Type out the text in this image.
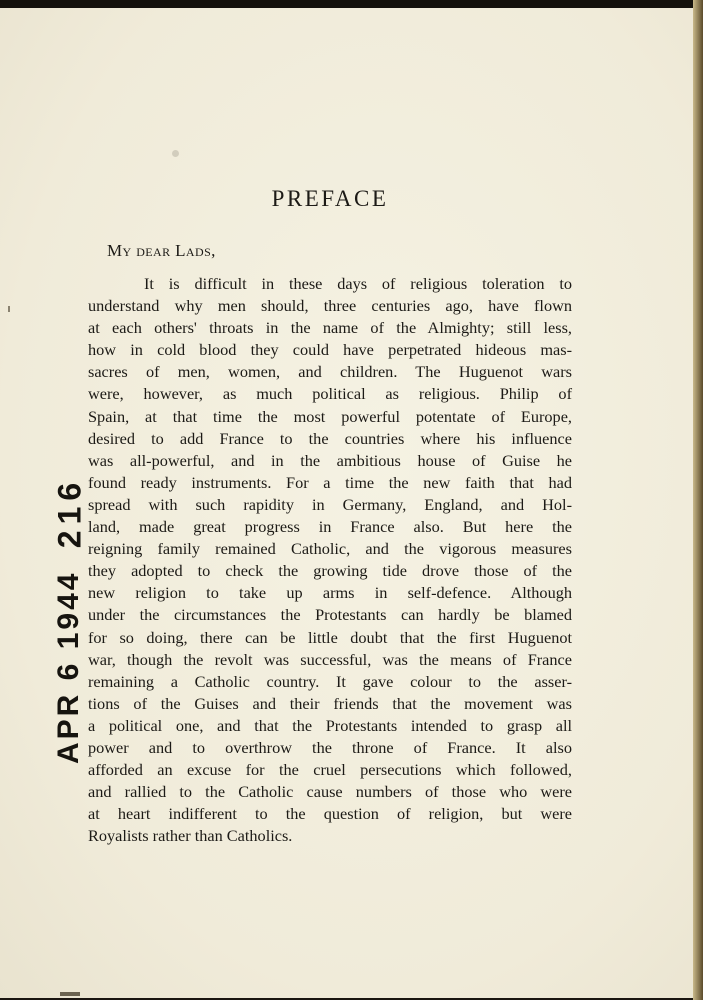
PREFACE
My dear Lads,
It is difficult in these days of religious toleration to
understand why men should, three centuries ago, have flown
at each others' throats in the name of the Almighty; still less,
how in cold blood they could have perpetrated hideous mas-
sacres of men, women, and children. The Huguenot wars
were, however, as much political as religious. Philip of
Spain, at that time the most powerful potentate of Europe,
desired to add France to the countries where his influence
was all-powerful, and in the ambitious house of Guise he
found ready instruments. For a time the new faith that had
spread with such rapidity in Germany, England, and Hol-
land, made great progress in France also. But here the
reigning family remained Catholic, and the vigorous measures
they adopted to check the growing tide drove those of the
new religion to take up arms in self-defence. Although
under the circumstances the Protestants can hardly be blamed
for so doing, there can be little doubt that the first Huguenot
war, though the revolt was successful, was the means of France
remaining a Catholic country. It gave colour to the asser-
tions of the Guises and their friends that the movement was
a political one, and that the Protestants intended to grasp all
power and to overthrow the throne of France. It also
afforded an excuse for the cruel persecutions which followed,
and rallied to the Catholic cause numbers of those who were
at heart indifferent to the question of religion, but were
Royalists rather than Catholics.
216
APR 6 1944
